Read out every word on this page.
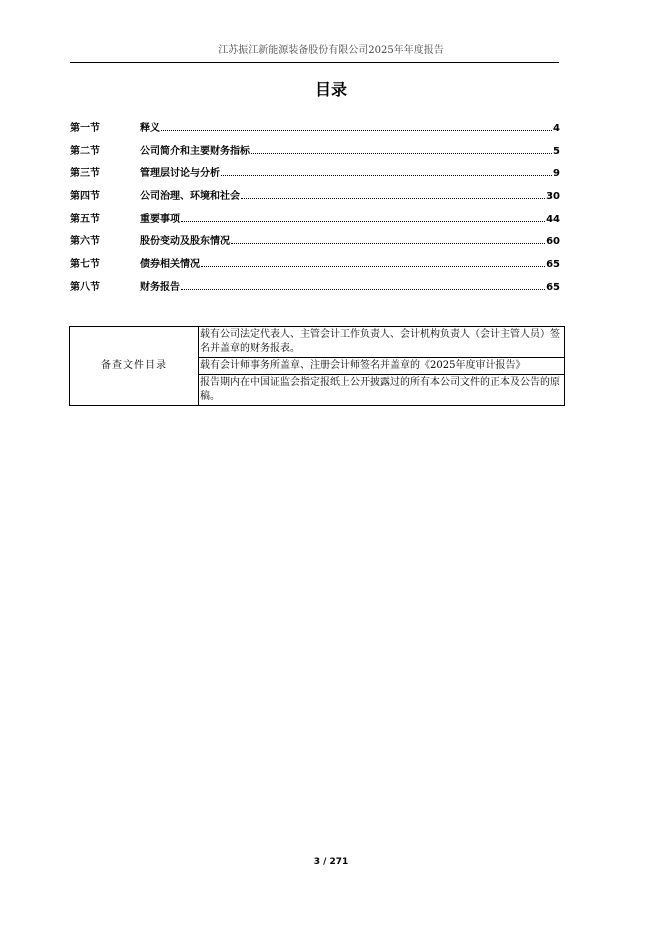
江苏振江新能源装备股份有限公司2025年年度报告
目录
第一节	释义	4
第二节	公司简介和主要财务指标	5
第三节	管理层讨论与分析	9
第四节	公司治理、环境和社会	30
第五节	重要事项	44
第六节	股份变动及股东情况	60
第七节	债券相关情况	65
第八节	财务报告	65
备查文件目录	载有公司法定代表人、主管会计工作负责人、会计机构负责人（会计主管人员）签名并盖章的财务报表。
载有会计师事务所盖章、注册会计师签名并盖章的《2025年度审计报告》
报告期内在中国证监会指定报纸上公开披露过的所有本公司文件的正本及公告的原稿。
3 / 271
